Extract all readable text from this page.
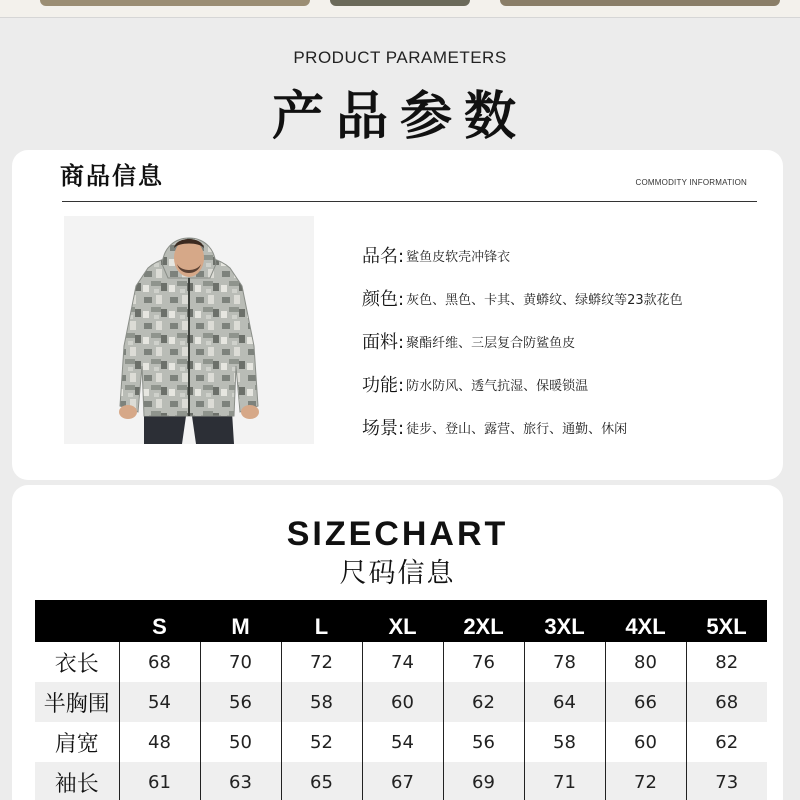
PRODUCT PARAMETERS
产品参数
商品信息	COMMODITY INFORMATION
品名: 鲨鱼皮软壳冲锋衣
颜色: 灰色、黑色、卡其、黄蟒纹、绿蟒纹等23款花色
面料: 聚酯纤维、三层复合防鲨鱼皮
功能: 防水防风、透气抗湿、保暖锁温
场景: 徒步、登山、露营、旅行、通勤、休闲
SIZECHART
尺码信息
	S	M	L	XL	2XL	3XL	4XL	5XL
衣长	68	70	72	74	76	78	80	82
半胸围	54	56	58	60	62	64	66	68
肩宽	48	50	52	54	56	58	60	62
袖长	61	63	65	67	69	71	72	73
